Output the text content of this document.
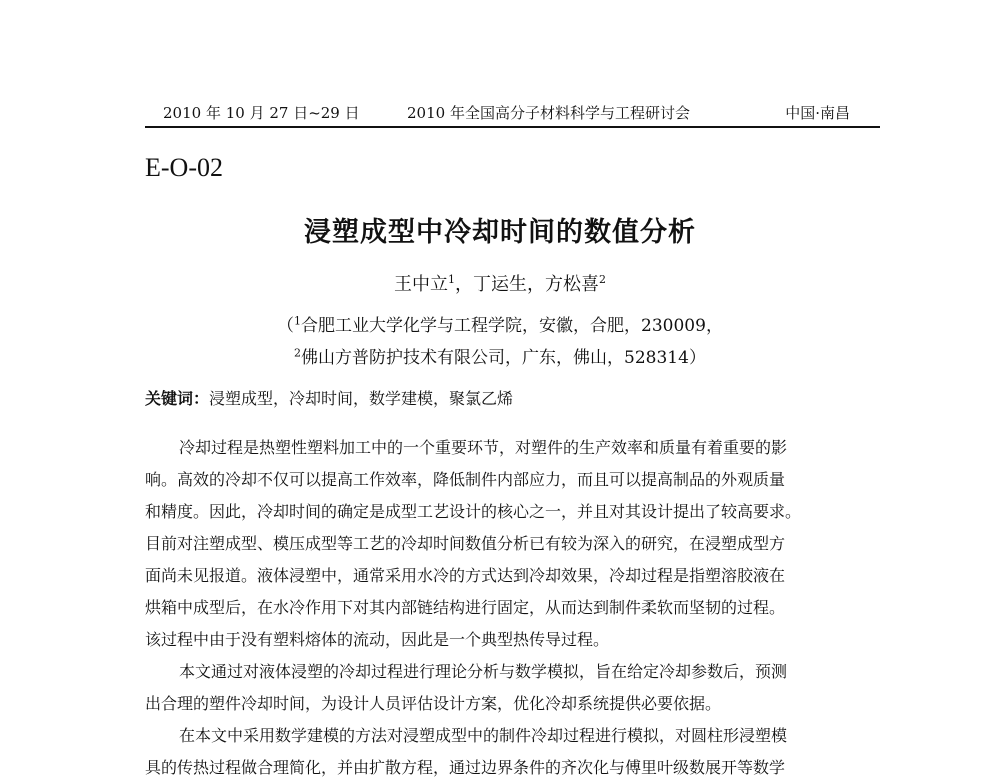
2010 年 10 月 27 日~29 日	2010 年全国高分子材料科学与工程研讨会	中国·南昌
E-O-02
浸塑成型中冷却时间的数值分析
王中立$^1$，丁运生，方松喜$^2$
（$^1$合肥工业大学化学与工程学院，安徽，合肥，230009，
$^2$佛山方普防护技术有限公司，广东，佛山，528314）
关键词：浸塑成型，冷却时间，数学建模，聚氯乙烯
冷却过程是热塑性塑料加工中的一个重要环节，对塑件的生产效率和质量有着重要的影
响。高效的冷却不仅可以提高工作效率，降低制件内部应力，而且可以提高制品的外观质量
和精度。因此，冷却时间的确定是成型工艺设计的核心之一，并且对其设计提出了较高要求。
目前对注塑成型、模压成型等工艺的冷却时间数值分析已有较为深入的研究，在浸塑成型方
面尚未见报道。液体浸塑中，通常采用水冷的方式达到冷却效果，冷却过程是指塑溶胶液在
烘箱中成型后，在水冷作用下对其内部链结构进行固定，从而达到制件柔软而坚韧的过程。
该过程中由于没有塑料熔体的流动，因此是一个典型热传导过程。
本文通过对液体浸塑的冷却过程进行理论分析与数学模拟，旨在给定冷却参数后，预测
出合理的塑件冷却时间，为设计人员评估设计方案，优化冷却系统提供必要依据。
在本文中采用数学建模的方法对浸塑成型中的制件冷却过程进行模拟，对圆柱形浸塑模
具的传热过程做合理简化，并由扩散方程，通过边界条件的齐次化与傅里叶级数展开等数学
